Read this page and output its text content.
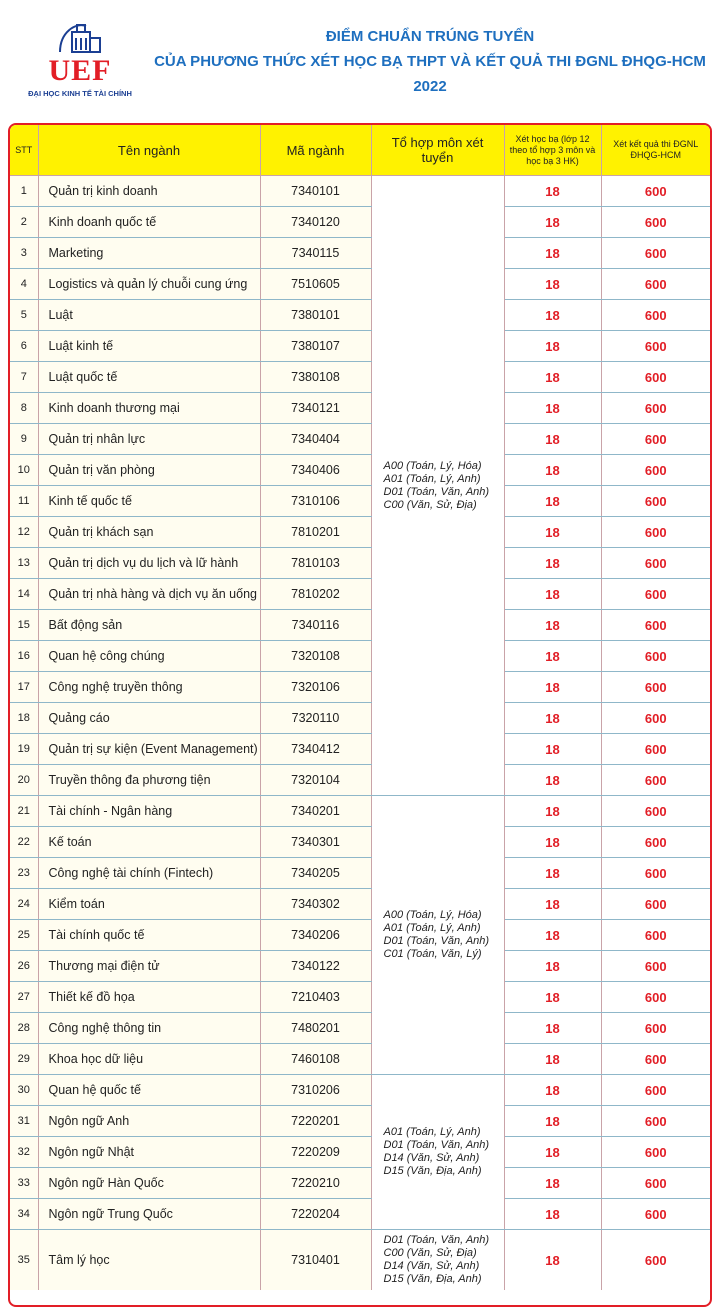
UEF
ĐẠI HỌC KINH TẾ TÀI CHÍNH
ĐIỂM CHUẨN TRÚNG TUYỂN
CỦA PHƯƠNG THỨC XÉT HỌC BẠ THPT VÀ KẾT QUẢ THI ĐGNL ĐHQG-HCM
2022
STT	Tên ngành	Mã ngành	Tổ hợp môn xét tuyển	Xét học bạ (lớp 12 theo tổ hợp 3 môn và học bạ 3 HK)	Xét kết quả thi ĐGNL ĐHQG-HCM
1	Quản trị kinh doanh	7340101	A00 (Toán, Lý, Hóa)
A01 (Toán, Lý, Anh)
D01 (Toán, Văn, Anh)
C00 (Văn, Sử, Địa)	18	600
2	Kinh doanh quốc tế	7340120		18	600
3	Marketing	7340115		18	600
4	Logistics và quản lý chuỗi cung ứng	7510605		18	600
5	Luật	7380101		18	600
6	Luật kinh tế	7380107		18	600
7	Luật quốc tế	7380108		18	600
8	Kinh doanh thương mại	7340121		18	600
9	Quản trị nhân lực	7340404		18	600
10	Quản trị văn phòng	7340406		18	600
11	Kinh tế quốc tế	7310106		18	600
12	Quản trị khách sạn	7810201		18	600
13	Quản trị dịch vụ du lịch và lữ hành	7810103		18	600
14	Quản trị nhà hàng và dịch vụ ăn uống	7810202		18	600
15	Bất động sản	7340116		18	600
16	Quan hệ công chúng	7320108		18	600
17	Công nghệ truyền thông	7320106		18	600
18	Quảng cáo	7320110		18	600
19	Quản trị sự kiện (Event Management)	7340412		18	600
20	Truyền thông đa phương tiện	7320104		18	600
21	Tài chính - Ngân hàng	7340201	A00 (Toán, Lý, Hóa)
A01 (Toán, Lý, Anh)
D01 (Toán, Văn, Anh)
C01 (Toán, Văn, Lý)	18	600
22	Kế toán	7340301		18	600
23	Công nghệ tài chính (Fintech)	7340205		18	600
24	Kiểm toán	7340302		18	600
25	Tài chính quốc tế	7340206		18	600
26	Thương mại điện tử	7340122		18	600
27	Thiết kế đồ họa	7210403		18	600
28	Công nghệ thông tin	7480201		18	600
29	Khoa học dữ liệu	7460108		18	600
30	Quan hệ quốc tế	7310206	A01 (Toán, Lý, Anh)
D01 (Toán, Văn, Anh)
D14 (Văn, Sử, Anh)
D15 (Văn, Địa, Anh)	18	600
31	Ngôn ngữ Anh	7220201		18	600
32	Ngôn ngữ Nhật	7220209		18	600
33	Ngôn ngữ Hàn Quốc	7220210		18	600
34	Ngôn ngữ Trung Quốc	7220204		18	600
35	Tâm lý học	7310401	D01 (Toán, Văn, Anh)
C00 (Văn, Sử, Địa)
D14 (Văn, Sử, Anh)
D15 (Văn, Địa, Anh)	18	600
